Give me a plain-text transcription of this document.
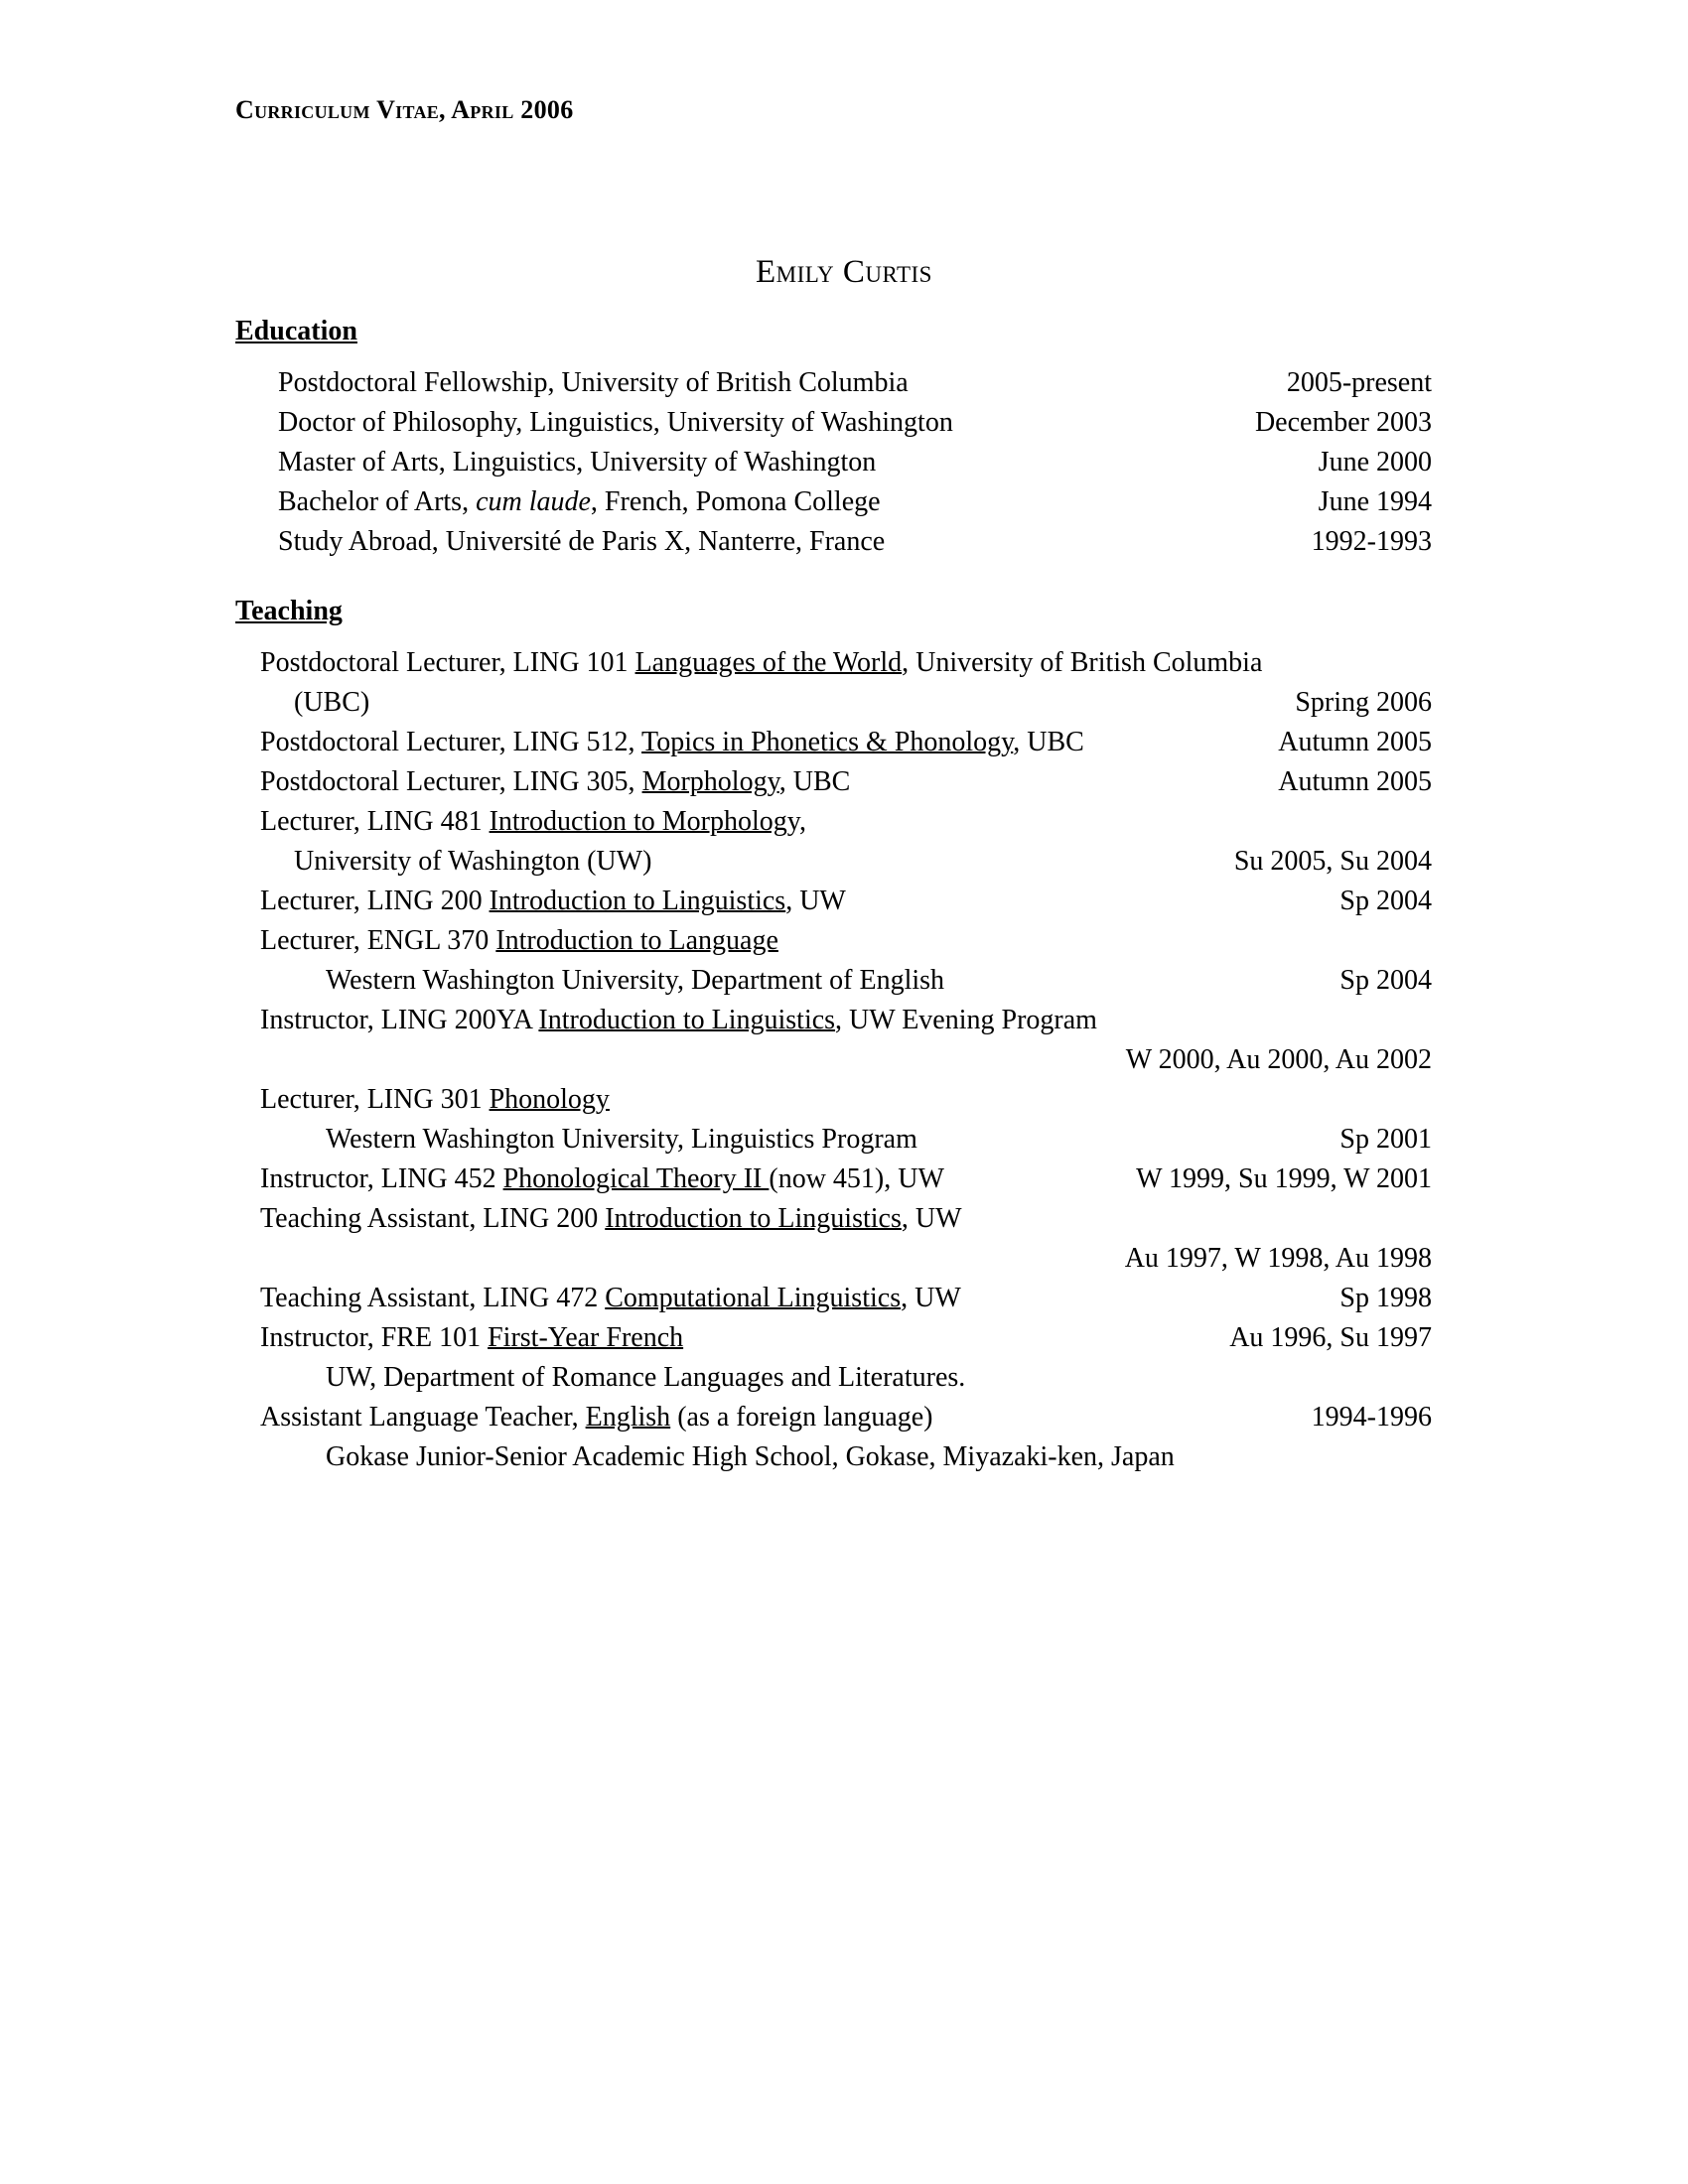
Curriculum Vitae, April 2006
Emily Curtis
Education
Postdoctoral Fellowship, University of British Columbia	2005-present
Doctor of Philosophy, Linguistics, University of Washington	December 2003
Master of Arts, Linguistics, University of Washington	June 2000
Bachelor of Arts, cum laude, French, Pomona College	June 1994
Study Abroad, Université de Paris X, Nanterre, France	1992-1993
Teaching
Postdoctoral Lecturer, LING 101 Languages of the World, University of British Columbia
(UBC)	Spring 2006
Postdoctoral Lecturer, LING 512, Topics in Phonetics & Phonology, UBC	Autumn 2005
Postdoctoral Lecturer, LING 305, Morphology, UBC	Autumn 2005
Lecturer, LING 481 Introduction to Morphology,
University of Washington (UW)	Su 2005, Su 2004
Lecturer, LING 200 Introduction to Linguistics, UW	Sp 2004
Lecturer, ENGL 370 Introduction to Language
Western Washington University, Department of English	Sp 2004
Instructor, LING 200YA Introduction to Linguistics, UW Evening Program
W 2000, Au 2000, Au 2002
Lecturer, LING 301 Phonology
Western Washington University, Linguistics Program	Sp 2001
Instructor, LING 452 Phonological Theory II (now 451), UW	W 1999, Su 1999, W 2001
Teaching Assistant, LING 200 Introduction to Linguistics, UW
Au 1997, W 1998, Au 1998
Teaching Assistant, LING 472 Computational Linguistics, UW	Sp 1998
Instructor, FRE 101 First-Year French	Au 1996, Su 1997
UW, Department of Romance Languages and Literatures.
Assistant Language Teacher, English (as a foreign language)	1994-1996
Gokase Junior-Senior Academic High School, Gokase, Miyazaki-ken, Japan
